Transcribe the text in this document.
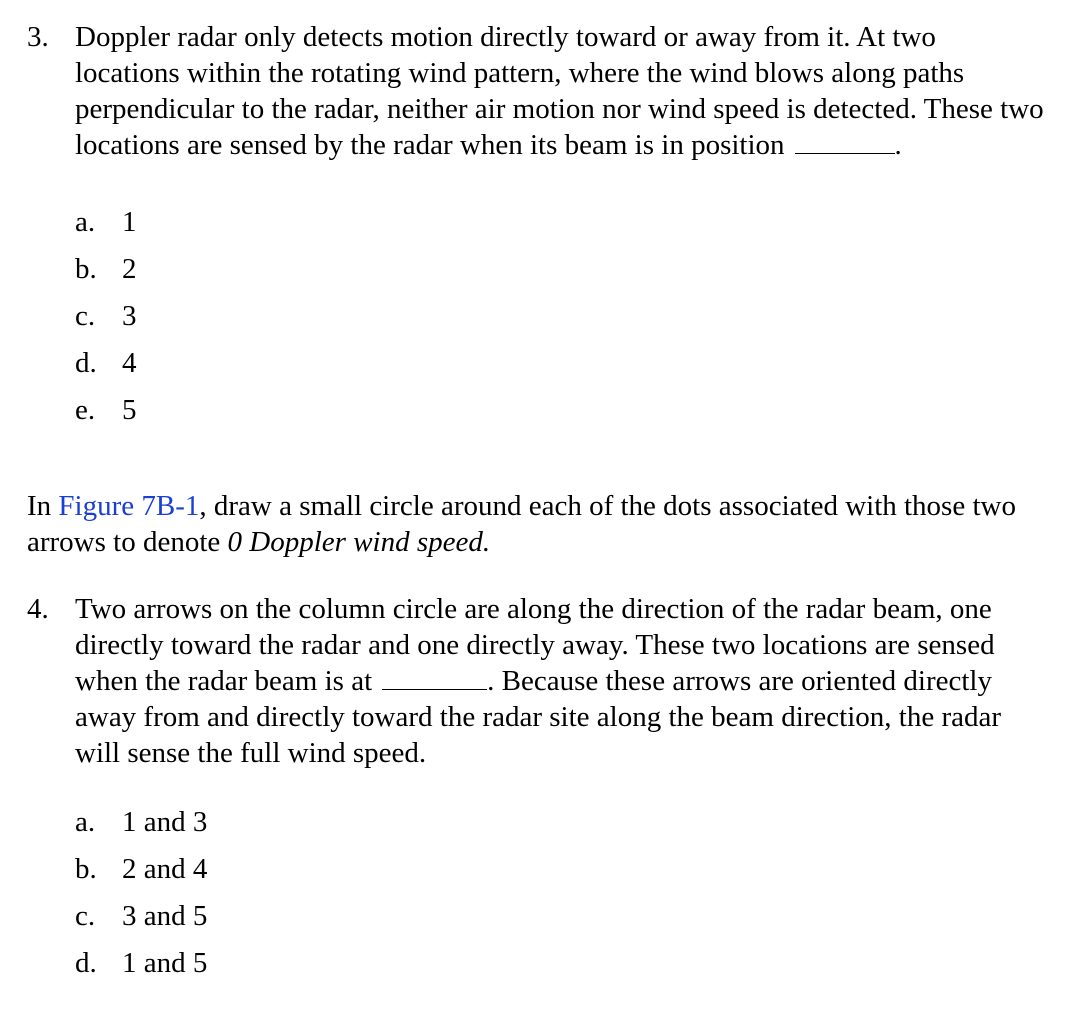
3. Doppler radar only detects motion directly toward or away from it. At two locations within the rotating wind pattern, where the wind blows along paths perpendicular to the radar, neither air motion nor wind speed is detected. These two locations are sensed by the radar when its beam is in position	.
a. 1
b. 2
c. 3
d. 4
e. 5
In Figure 7B-1, draw a small circle around each of the dots associated with those two arrows to denote 0 Doppler wind speed.
4. Two arrows on the column circle are along the direction of the radar beam, one directly toward the radar and one directly away. These two locations are sensed when the radar beam is at	. Because these arrows are oriented directly away from and directly toward the radar site along the beam direction, the radar will sense the full wind speed.
a. 1 and 3
b. 2 and 4
c. 3 and 5
d. 1 and 5
